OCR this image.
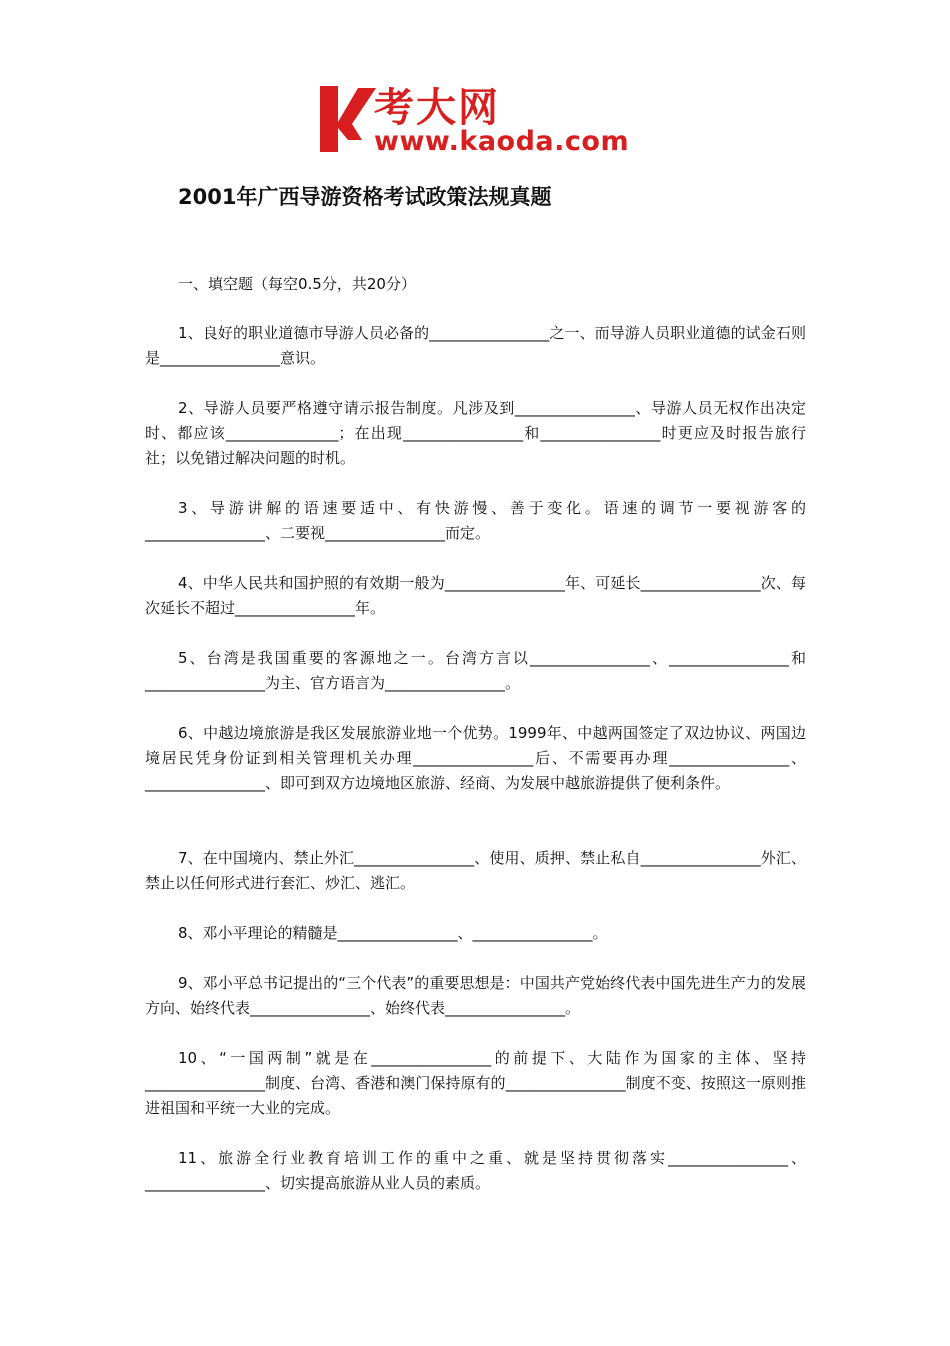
考大网
www.kaoda.com
2001年广西导游资格考试政策法规真题
一、填空题（每空0.5分，共20分）

1、良好的职业道德市导游人员必备的________________之一、而导游人员职业道德的试金石则是________________意识。

2、导游人员要严格遵守请示报告制度。凡涉及到________________、导游人员无权作出决定时、都应该_______________；在出现________________和________________时更应及时报告旅行社；以免错过解决问题的时机。

3、导游讲解的语速要适中、有快游慢、善于变化。语速的调节一要视游客的________________、二要视________________而定。

4、中华人民共和国护照的有效期一般为________________年、可延长________________次、每次延长不超过________________年。

5、台湾是我国重要的客源地之一。台湾方言以________________、________________和________________为主、官方语言为________________。

6、中越边境旅游是我区发展旅游业地一个优势。1999年、中越两国签定了双边协议、两国边境居民凭身份证到相关管理机关办理________________后、不需要再办理________________、________________、即可到双方边境地区旅游、经商、为发展中越旅游提供了便利条件。

7、在中国境内、禁止外汇________________、使用、质押、禁止私自________________外汇、禁止以任何形式进行套汇、炒汇、逃汇。

8、邓小平理论的精髓是________________、________________。

9、邓小平总书记提出的“三个代表”的重要思想是：中国共产党始终代表中国先进生产力的发展方向、始终代表________________、始终代表________________。

10、“一国两制”就是在________________的前提下、大陆作为国家的主体、坚持________________制度、台湾、香港和澳门保持原有的________________制度不变、按照这一原则推进祖国和平统一大业的完成。

11、旅游全行业教育培训工作的重中之重、就是坚持贯彻落实________________、________________、切实提高旅游从业人员的素质。
